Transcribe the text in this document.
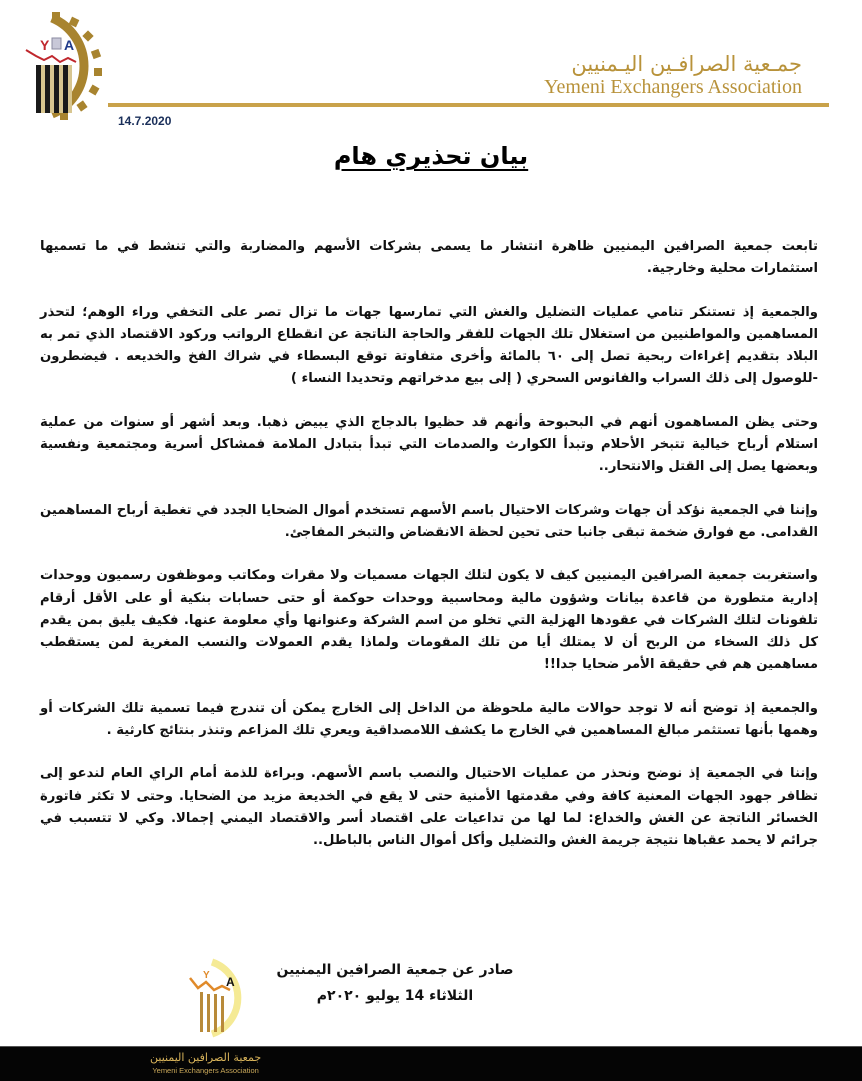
Y A
جمـعية الصرافـين اليـمنيين
Yemeni Exchangers Association
14.7.2020
بيان تحذيري هام

تابعت جمعية الصرافين اليمنيين ظاهرة انتشار ما يسمى بشركات الأسهم والمضاربة والتي تنشط في ما تسميها استثمارات محلية وخارجية.

والجمعية إذ تستنكر تنامي عمليات التضليل والغش التي تمارسها جهات ما تزال تصر على التخفي وراء الوهم؛ لتحذر المساهمين والمواطنيين من استغلال تلك الجهات للفقر والحاجة الناتجة عن انقطاع الرواتب وركود الاقتصاد الذي تمر به البلاد بتقديم إغراءات ربحية تصل إلى ٦٠ بالمائة وأخرى متفاوتة توقع البسطاء في شراك الفخ والخديعه . فيضطرون -للوصول إلى ذلك السراب والفانوس السحري ( إلى بيع مدخراتهم وتحديدا النساء )

وحتى يظن المساهمون أنهم في البحبوحة وأنهم قد حظيوا بالدجاج الذي يبيض ذهبا. وبعد أشهر أو سنوات من عملية استلام أرباح خيالية تتبخر الأحلام وتبدأ الكوارث والصدمات التي تبدأ بتبادل الملامة فمشاكل أسرية ومجتمعية ونفسية وبعضها يصل إلى القتل والانتحار..

وإننا في الجمعية نؤكد أن جهات وشركات الاحتيال باسم الأسهم تستخدم أموال الضحايا الجدد في تغطية أرباح المساهمين القدامى. مع فوارق ضخمة تبقى جانبا حتى تحين لحظة الانقضاض والتبخر المفاجئ.

واستغربت جمعية الصرافين اليمنيين كيف لا يكون لتلك الجهات مسميات ولا مقرات ومكاتب وموظفون رسميون ووحدات إدارية متطورة من قاعدة بيانات وشؤون مالية ومحاسبية ووحدات حوكمة أو حتى حسابات بنكية أو على الأقل أرقام تلفونات لتلك الشركات في عقودها الهزلية التي تخلو من اسم الشركة وعنوانها وأي معلومة عنها. فكيف يليق بمن يقدم كل ذلك السخاء من الربح أن لا يمتلك أيا من تلك المقومات ولماذا يقدم العمولات والنسب المغرية لمن يستقطب مساهمين هم في حقيقة الأمر ضحايا جدا!!

والجمعية إذ توضح أنه لا توجد حوالات مالية ملحوظة من الداخل إلى الخارج يمكن أن تندرج فيما تسمية تلك الشركات أو وهمها بأنها تستثمر مبالغ المساهمين في الخارج ما يكشف اللامصداقية ويعري تلك المزاعم وتنذر بنتائج كارثية .

وإننا في الجمعية إذ نوضح ونحذر من عمليات الاحتيال والنصب باسم الأسهم. وبراءة للذمة أمام الراي العام لندعو إلى تظافر جهود الجهات المعنية كافة وفي مقدمتها الأمنية حتى لا يقع في الخديعة مزيد من الضحايا. وحتى لا تكثر فاتورة الخسائر الناتجة عن الغش والخداع: لما لها من تداعيات على اقتصاد أسر والاقتصاد اليمني إجمالا. وكي لا تتسبب في جرائم لا يحمد عقباها نتيجة جريمة الغش والتضليل وأكل أموال الناس بالباطل..

Y A
صادر عن جمعية الصرافين اليمنيين
الثلاثاء 14 يوليو ٢٠٢٠م
جمعية الصرافين اليمنيين
Yemeni Exchangers Association
